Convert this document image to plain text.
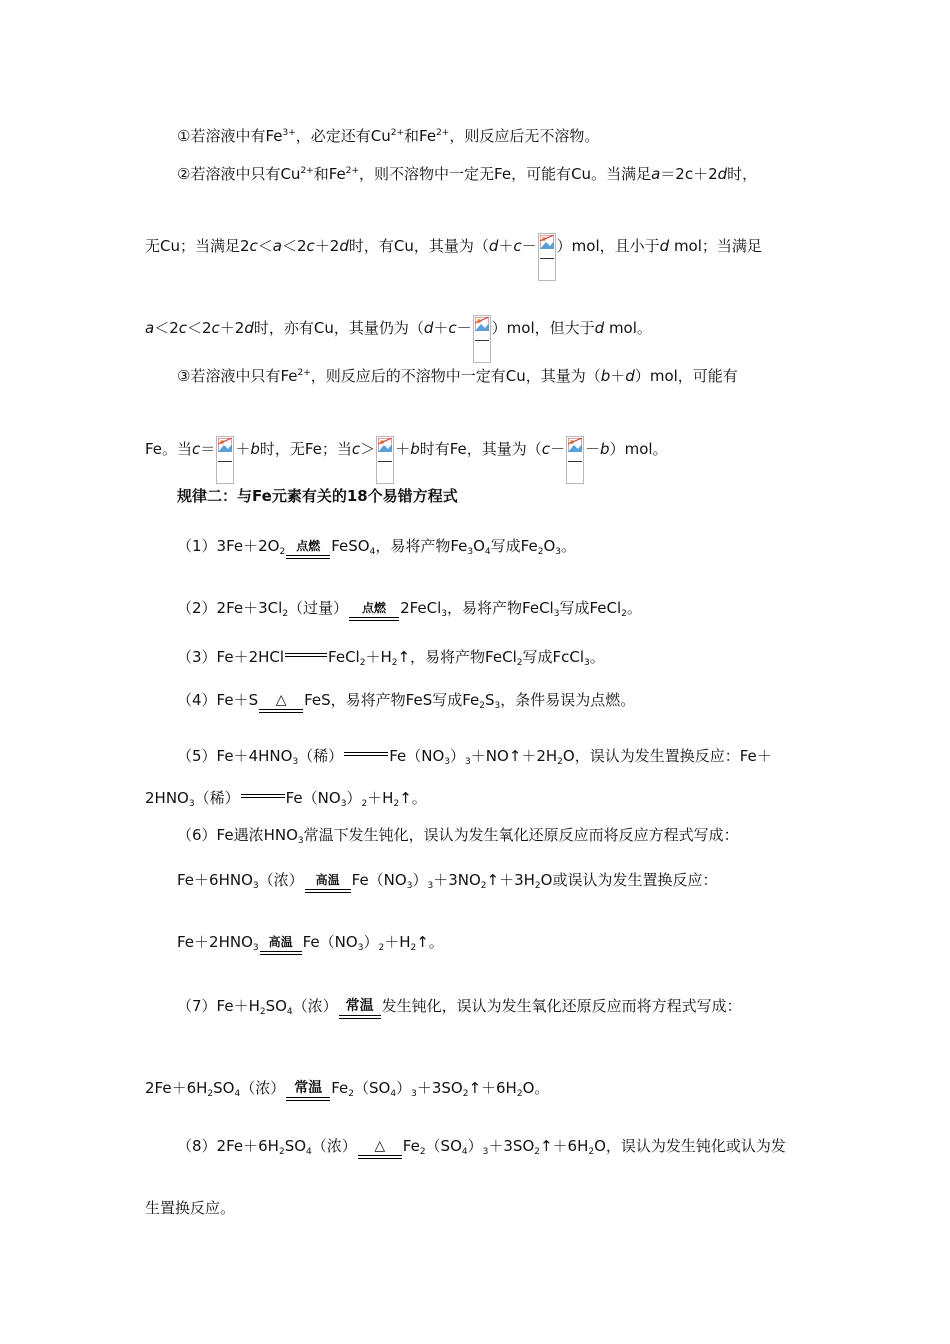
①若溶液中有$Fe^{3+}$，必定还有$Cu^{2+}$和$Fe^{2+}$，则反应后无不溶物。
②若溶液中只有$Cu^{2+}$和$Fe^{2+}$，则不溶物中一定无Fe，可能有Cu。当满足a＝2c＋2d时，
无Cu；当满足2c＜a＜2c＋2d时，有Cu，其量为（d＋c－ ）mol，且小于d mol；当满足
a＜2c＜2c＋2d时，亦有Cu，其量仍为（d＋c－ ）mol，但大于d mol。
③若溶液中只有$Fe^{2+}$，则反应后的不溶物中一定有Cu，其量为（b＋d）mol，可能有
Fe。当c＝ ＋b时，无Fe；当c＞ ＋b时有Fe，其量为（c－ －b）mol。
规律二：与Fe元素有关的18个易错方程式
$(1)3Fe+2O_2$ 点燃 FeSO$_4$，易将产物$Fe_3O_4$写成$Fe_2O_3$。
$(2)2Fe+3Cl_2$（过量） 点燃 2FeCl$_3$，易将产物FeCl$_3$写成FeCl$_2$。
（3）Fe＋2HCl	$FeCl_2+H_2↑$，易将产物FeCl$_2$写成FcCl$_3$。
（4）Fe＋S △ FeS，易将产物FeS写成$Fe_2S_3$，条件易误为点燃。
$(5)Fe+4HNO_3$（稀）	$Fe(NO_3)_3+NO↑+2H_2O$，误认为发生置换反应：Fe＋
$2HNO_3$（稀）	$Fe(NO_3)_2+H_2↑$。
（6）Fe遇浓$HNO_3$常温下发生钝化，误认为发生氧化还原反应而将反应方程式写成：
$Fe+6HNO_3$（浓） 高温 $Fe(NO_3)_3+3NO_2↑+3H_2O$或误认为发生置换反应：
$Fe+2HNO_3$ 高温 $Fe(NO_3)_2+H_2↑$。
$(7)Fe+H_2SO_4$（浓） 常温 发生钝化，误认为发生氧化还原反应而将方程式写成：
$2Fe+6H_2SO_4$（浓） 常温 $Fe_2(SO_4)_3+3SO_2↑+6H_2O$。
$(8)2Fe+6H_2SO_4$（浓） △ $Fe_2(SO_4)_3+3SO_2↑+6H_2O$，误认为发生钝化或认为发
生置换反应。
